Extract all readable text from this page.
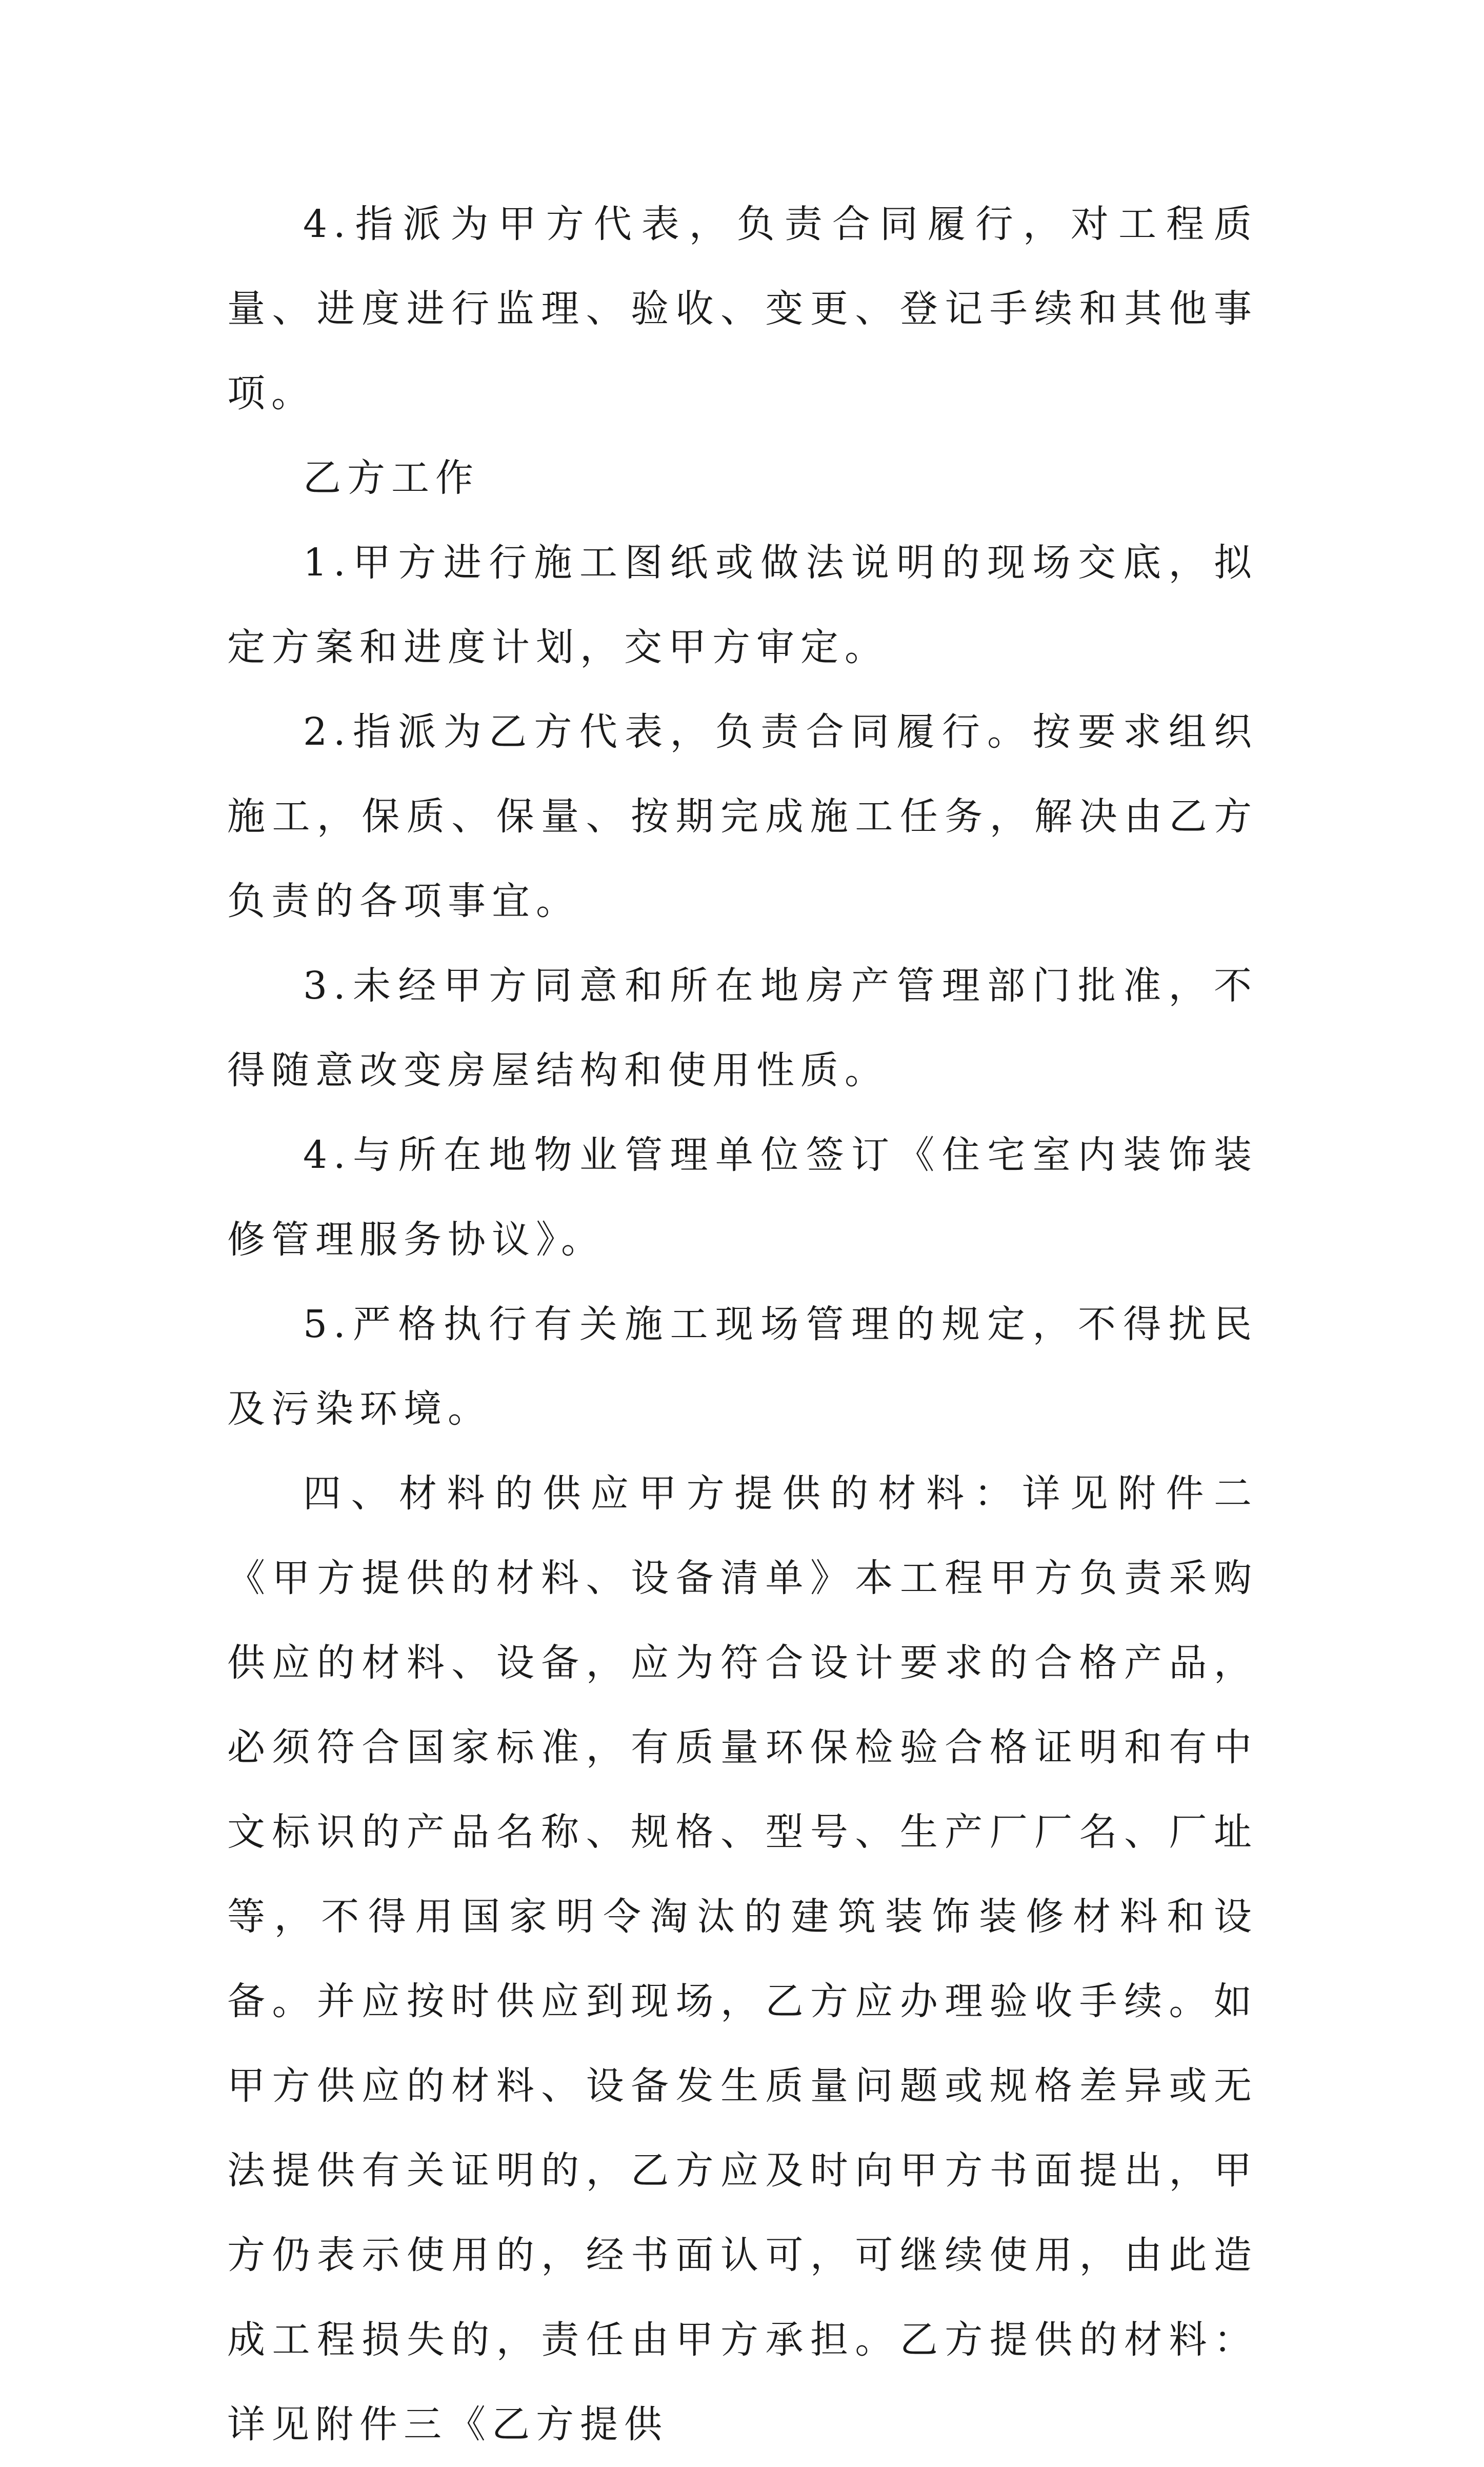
4.指派为甲方代表，负责合同履行，对工程质量、进度进行监理、验收、变更、登记手续和其他事项。

乙方工作

1.甲方进行施工图纸或做法说明的现场交底，拟定方案和进度计划，交甲方审定。

2.指派为乙方代表，负责合同履行。按要求组织施工，保质、保量、按期完成施工任务，解决由乙方负责的各项事宜。

3.未经甲方同意和所在地房产管理部门批准，不得随意改变房屋结构和使用性质。

4.与所在地物业管理单位签订《住宅室内装饰装修管理服务协议》。

5.严格执行有关施工现场管理的规定，不得扰民及污染环境。

四、材料的供应甲方提供的材料：详见附件二《甲方提供的材料、设备清单》本工程甲方负责采购供应的材料、设备，应为符合设计要求的合格产品，必须符合国家标准，有质量环保检验合格证明和有中文标识的产品名称、规格、型号、生产厂厂名、厂址等，不得用国家明令淘汰的建筑装饰装修材料和设备。并应按时供应到现场，乙方应办理验收手续。如甲方供应的材料、设备发生质量问题或规格差异或无法提供有关证明的，乙方应及时向甲方书面提出，甲方仍表示使用的，经书面认可，可继续使用，由此造成工程损失的，责任由甲方承担。乙方提供的材料：详见附件三《乙方提供
